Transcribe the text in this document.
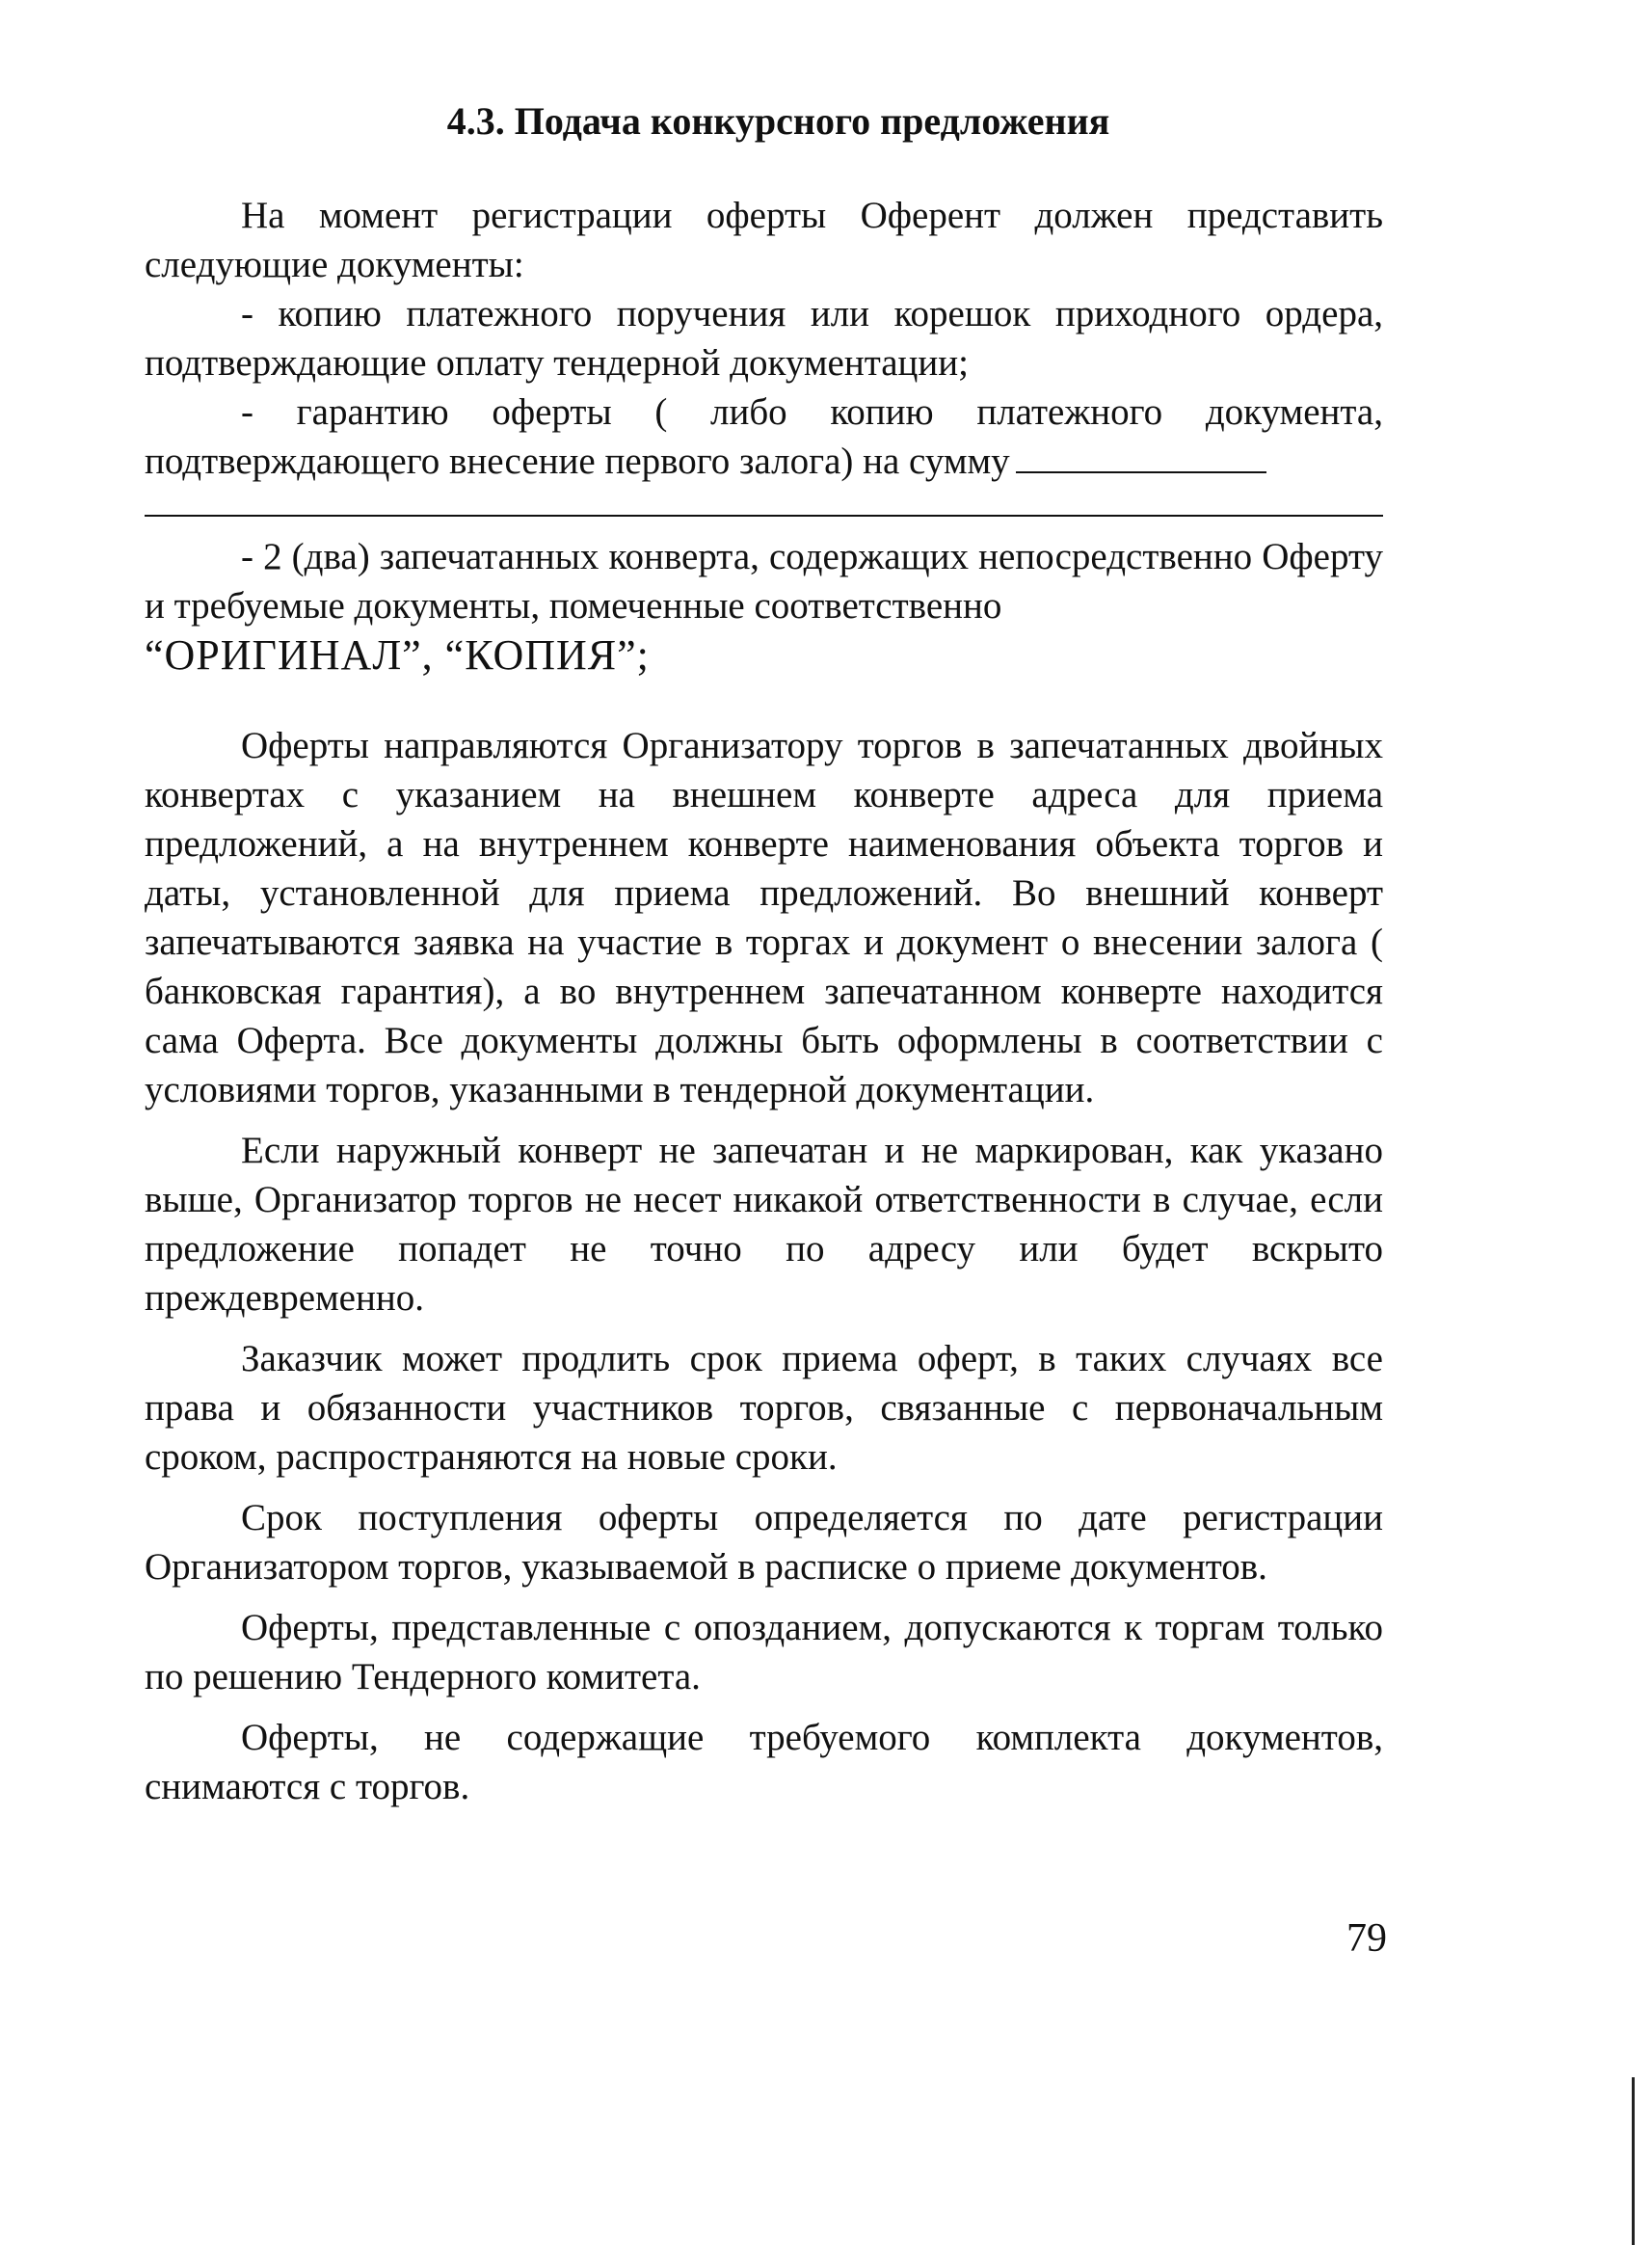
4.3. Подача конкурсного предложения

На момент регистрации оферты Оферент должен представить следующие документы:

- копию платежного поручения или корешок приходного ордера, подтверждающие оплату тендерной документации;

- гарантию оферты ( либо копию платежного документа, подтверждающего внесение первого залога) на сумму

- 2 (два) запечатанных конверта, содержащих непосредственно Оферту и требуемые документы, помеченные соответственно

“ОРИГИНАЛ”, “КОПИЯ”;

Оферты направляются Организатору торгов в запечатанных двойных конвертах с указанием на внешнем конверте адреса для приема предложений, а на внутреннем конверте наименования объекта торгов и даты, установленной для приема предложений. Во внешний конверт запечатываются заявка на участие в торгах и документ о внесении залога ( банковская гарантия), а во внутреннем запечатанном конверте находится сама Оферта. Все документы должны быть оформлены в соответствии с условиями торгов, указанными в тендерной документации.

Если наружный конверт не запечатан и не маркирован, как указано выше, Организатор торгов не несет никакой ответственности в случае, если предложение попадет не точно по адресу или будет вскрыто преждевременно.

Заказчик может продлить срок приема оферт, в таких случаях все права и обязанности участников торгов, связанные с первоначальным сроком, распространяются на новые сроки.

Срок поступления оферты определяется по дате регистрации Организатором торгов, указываемой в расписке о приеме документов.

Оферты, представленные с опозданием, допускаются к торгам только по решению Тендерного комитета.

Оферты, не содержащие требуемого комплекта документов, снимаются с торгов.

79
